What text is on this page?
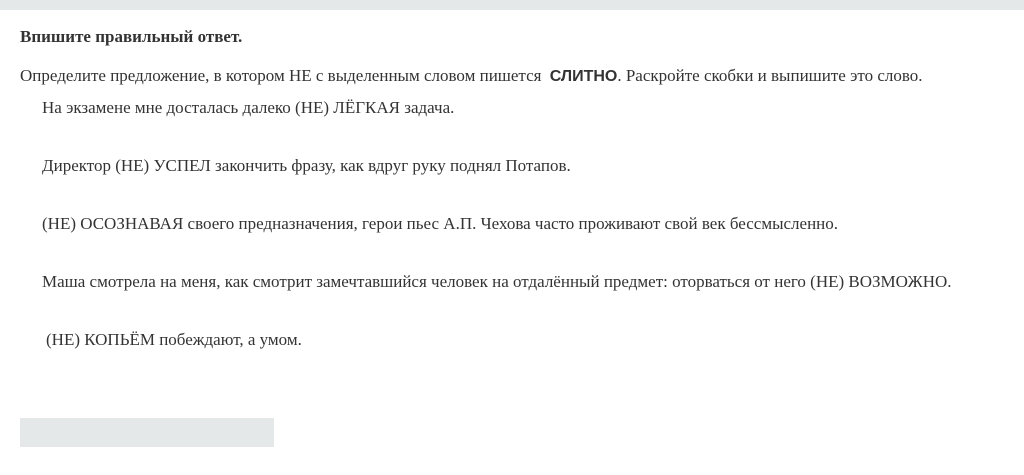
Впишите правильный ответ.

Определите предложение, в котором НЕ с выделенным словом пишется СЛИТНО. Раскройте скобки и выпишите это слово.

На экзамене мне досталась далеко (НЕ) ЛЁГКАЯ задача.
Директор (НЕ) УСПЕЛ закончить фразу, как вдруг руку поднял Потапов.
(НЕ) ОСОЗНАВАЯ своего предназначения, герои пьес А.П. Чехова часто проживают свой век бессмысленно.
Маша смотрела на меня, как смотрит замечтавшийся человек на отдалённый предмет: оторваться от него (НЕ) ВОЗМОЖНО.
(НЕ) КОПЬЁМ побеждают, а умом.
